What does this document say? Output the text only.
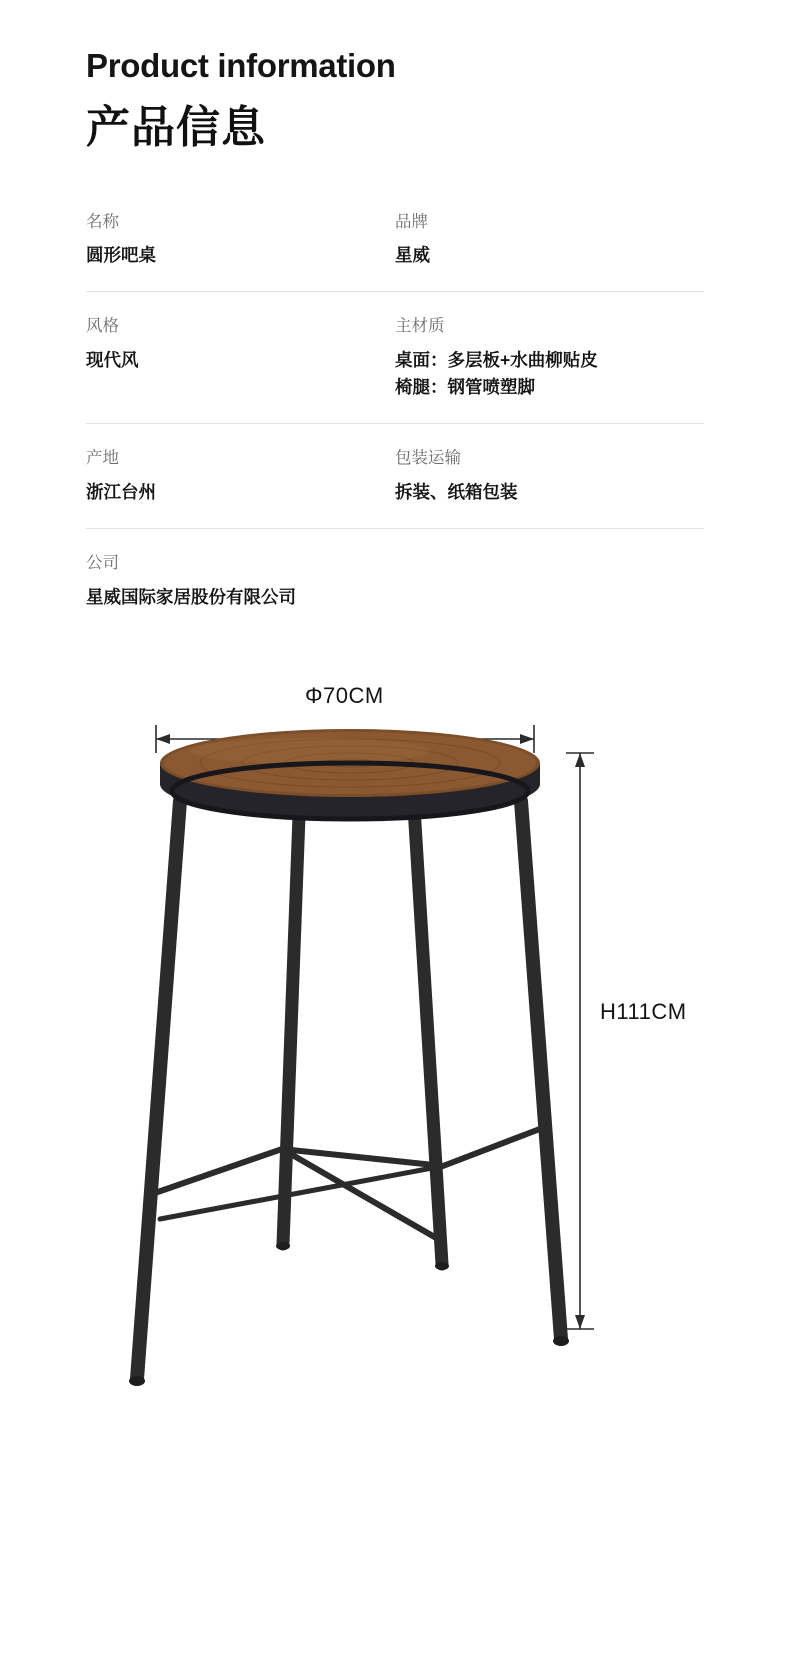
Product information
产品信息
名称
圆形吧桌
品牌
星威
风格
现代风
主材质
桌面：多层板+水曲柳贴皮
椅腿：钢管喷塑脚
产地
浙江台州
包装运输
拆装、纸箱包装
公司
星威国际家居股份有限公司
Φ70CM
H111CM
